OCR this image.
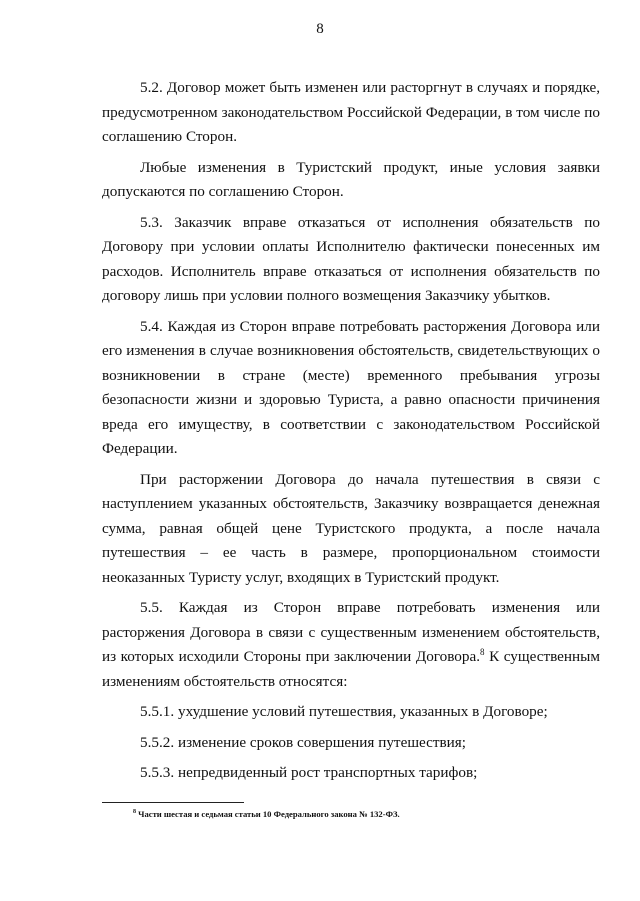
8

5.2. Договор может быть изменен или расторгнут в случаях и порядке, предусмотренном законодательством Российской Федерации, в том числе по соглашению Сторон.

Любые изменения в Туристский продукт, иные условия заявки допускаются по соглашению Сторон.

5.3. Заказчик вправе отказаться от исполнения обязательств по Договору при условии оплаты Исполнителю фактически понесенных им расходов. Исполнитель вправе отказаться от исполнения обязательств по договору лишь при условии полного возмещения Заказчику убытков.

5.4. Каждая из Сторон вправе потребовать расторжения Договора или его изменения в случае возникновения обстоятельств, свидетельствующих о возникновении в стране (месте) временного пребывания угрозы безопасности жизни и здоровью Туриста, а равно опасности причинения вреда его имуществу, в соответствии с законодательством Российской Федерации.

При расторжении Договора до начала путешествия в связи с наступлением указанных обстоятельств, Заказчику возвращается денежная сумма, равная общей цене Туристского продукта, а после начала путешествия – ее часть в размере, пропорциональном стоимости неоказанных Туристу услуг, входящих в Туристский продукт.

5.5. Каждая из Сторон вправе потребовать изменения или расторжения Договора в связи с существенным изменением обстоятельств, из которых исходили Стороны при заключении Договора.$^8$ К существенным изменениям обстоятельств относятся:

5.5.1. ухудшение условий путешествия, указанных в Договоре;

5.5.2. изменение сроков совершения путешествия;

5.5.3. непредвиденный рост транспортных тарифов;

$^8$ Части шестая и седьмая статьи 10 Федерального закона № 132-ФЗ.
